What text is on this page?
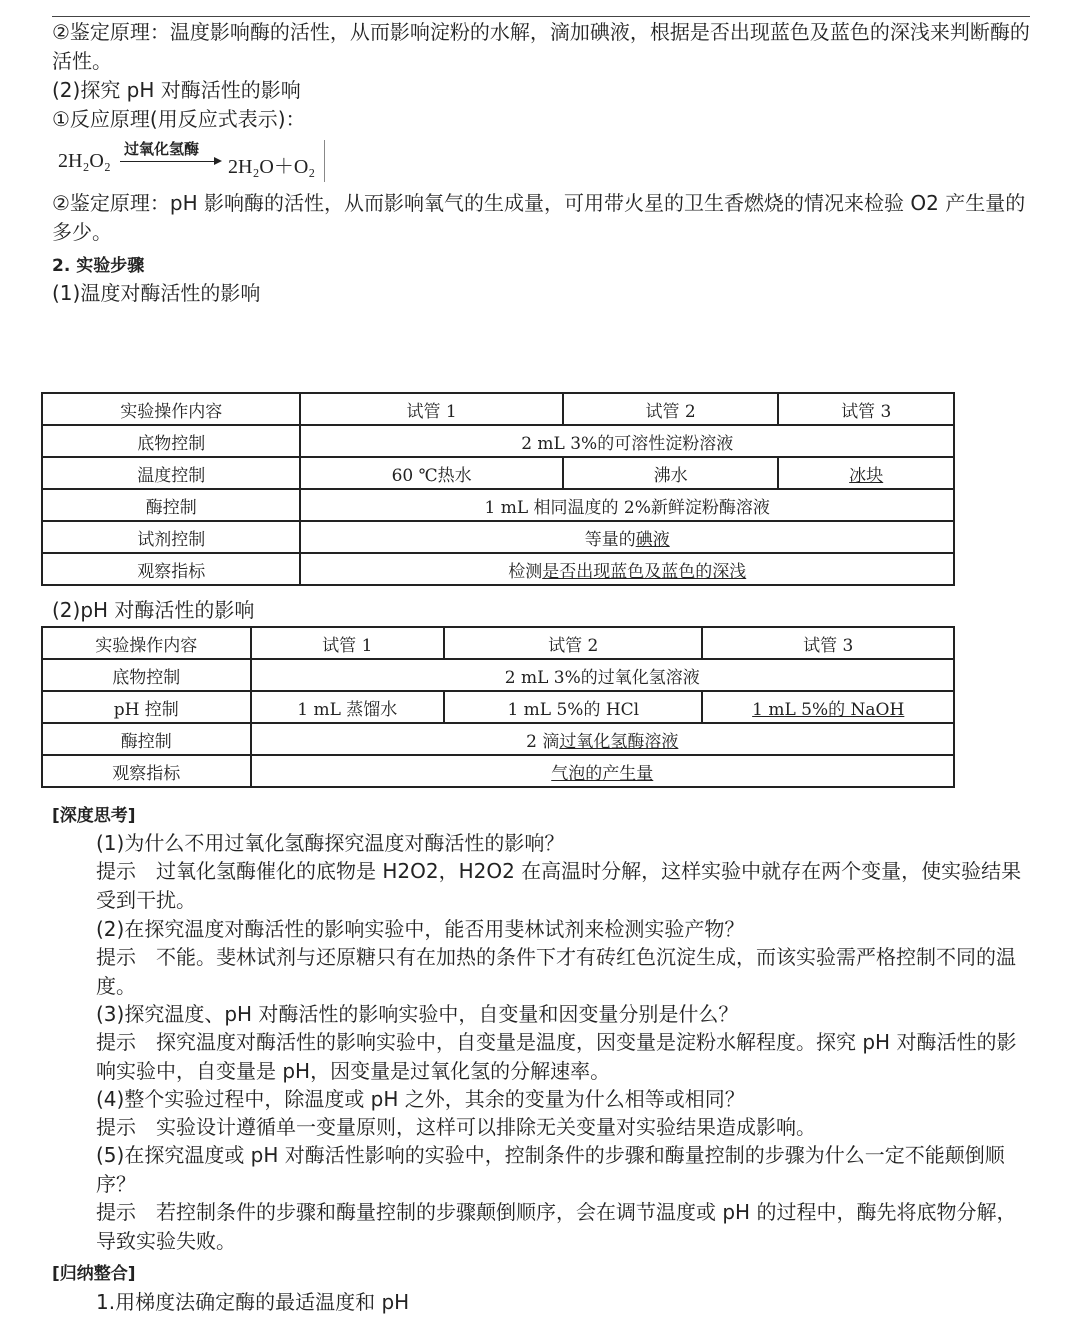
②鉴定原理：温度影响酶的活性，从而影响淀粉的水解，滴加碘液，根据是否出现蓝色及蓝色的深浅来判断酶的活性。

(2)探究 pH 对酶活性的影响

①反应原理(用反应式表示)：

2H₂O₂
过氧化氢酶
2H₂O＋O₂

②鉴定原理：pH 影响酶的活性，从而影响氧气的生成量，可用带火星的卫生香燃烧的情况来检验 O2 产生量的多少。

2. 实验步骤

(1)温度对酶活性的影响

实验操作内容	试管 1	试管 2	试管 3
底物控制	2 mL 3%的可溶性淀粉溶液		
温度控制	60 ℃热水	沸水	冰块
酶控制	1 mL 相同温度的 2%新鲜淀粉酶溶液		
试剂控制	等量的碘液		
观察指标	检测是否出现蓝色及蓝色的深浅		

(2)pH 对酶活性的影响

实验操作内容	试管 1	试管 2	试管 3
底物控制	2 mL 3%的过氧化氢溶液		
pH 控制	1 mL 蒸馏水	1 mL 5%的 HCl	1 mL 5%的 NaOH
酶控制	2 滴过氧化氢酶溶液		
观察指标	气泡的产生量		

[深度思考]

(1)为什么不用过氧化氢酶探究温度对酶活性的影响？

提示　过氧化氢酶催化的底物是 H2O2，H2O2 在高温时分解，这样实验中就存在两个变量，使实验结果受到干扰。

(2)在探究温度对酶活性的影响实验中，能否用斐林试剂来检测实验产物？

提示　不能。斐林试剂与还原糖只有在加热的条件下才有砖红色沉淀生成，而该实验需严格控制不同的温度。

(3)探究温度、pH 对酶活性的影响实验中，自变量和因变量分别是什么？

提示　探究温度对酶活性的影响实验中，自变量是温度，因变量是淀粉水解程度。探究 pH 对酶活性的影响实验中，自变量是 pH，因变量是过氧化氢的分解速率。

(4)整个实验过程中，除温度或 pH 之外，其余的变量为什么相等或相同？

提示　实验设计遵循单一变量原则，这样可以排除无关变量对实验结果造成影响。

(5)在探究温度或 pH 对酶活性影响的实验中，控制条件的步骤和酶量控制的步骤为什么一定不能颠倒顺序？

提示　若控制条件的步骤和酶量控制的步骤颠倒顺序，会在调节温度或 pH 的过程中，酶先将底物分解，导致实验失败。

[归纳整合]

1.用梯度法确定酶的最适温度和 pH
